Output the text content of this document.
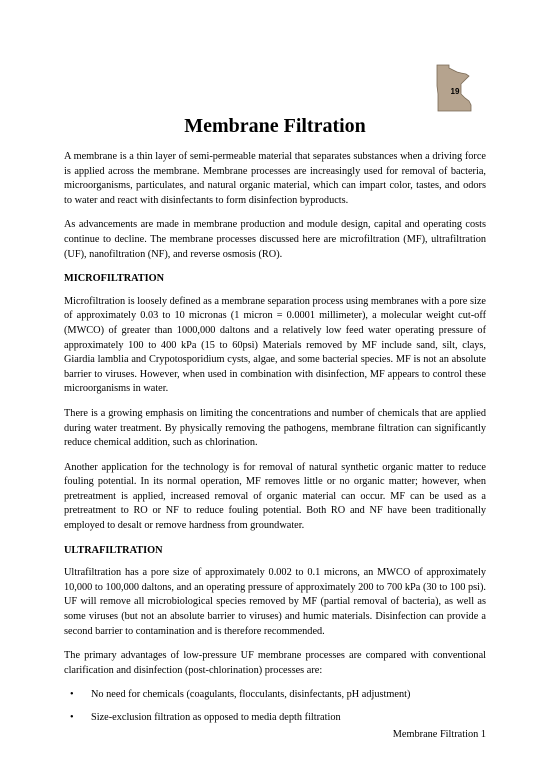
19
Membrane Filtration

A membrane is a thin layer of semi-permeable material that separates substances when a driving force is applied across the membrane. Membrane processes are increasingly used for removal of bacteria, microorganisms, particulates, and natural organic material, which can impart color, tastes, and odors to water and react with disinfectants to form disinfection byproducts.

As advancements are made in membrane production and module design, capital and operating costs continue to decline. The membrane processes discussed here are microfiltration (MF), ultrafiltration (UF), nanofiltration (NF), and reverse osmosis (RO).

MICROFILTRATION

Microfiltration is loosely defined as a membrane separation process using membranes with a pore size of approximately 0.03 to 10 micronas (1 micron = 0.0001 millimeter), a molecular weight cut-off (MWCO) of greater than 1000,000 daltons and a relatively low feed water operating pressure of approximately 100 to 400 kPa (15 to 60psi) Materials removed by MF include sand, silt, clays, Giardia lamblia and Crypotosporidium cysts, algae, and some bacterial species. MF is not an absolute barrier to viruses. However, when used in combination with disinfection, MF appears to control these microorganisms in water.

There is a growing emphasis on limiting the concentrations and number of chemicals that are applied during water treatment. By physically removing the pathogens, membrane filtration can significantly reduce chemical addition, such as chlorination.

Another application for the technology is for removal of natural synthetic organic matter to reduce fouling potential. In its normal operation, MF removes little or no organic matter; however, when pretreatment is applied, increased removal of organic material can occur. MF can be used as a pretreatment to RO or NF to reduce fouling potential. Both RO and NF have been traditionally employed to desalt or remove hardness from groundwater.

ULTRAFILTRATION

Ultrafiltration has a pore size of approximately 0.002 to 0.1 microns, an MWCO of approximately 10,000 to 100,000 daltons, and an operating pressure of approximately 200 to 700 kPa (30 to 100 psi). UF will remove all microbiological species removed by MF (partial removal of bacteria), as well as some viruses (but not an absolute barrier to viruses) and humic materials. Disinfection can provide a second barrier to contamination and is therefore recommended.

The primary advantages of low-pressure UF membrane processes are compared with conventional clarification and disinfection (post-chlorination) processes are:

• No need for chemicals (coagulants, flocculants, disinfectants, pH adjustment)
• Size-exclusion filtration as opposed to media depth filtration
Membrane Filtration 1
